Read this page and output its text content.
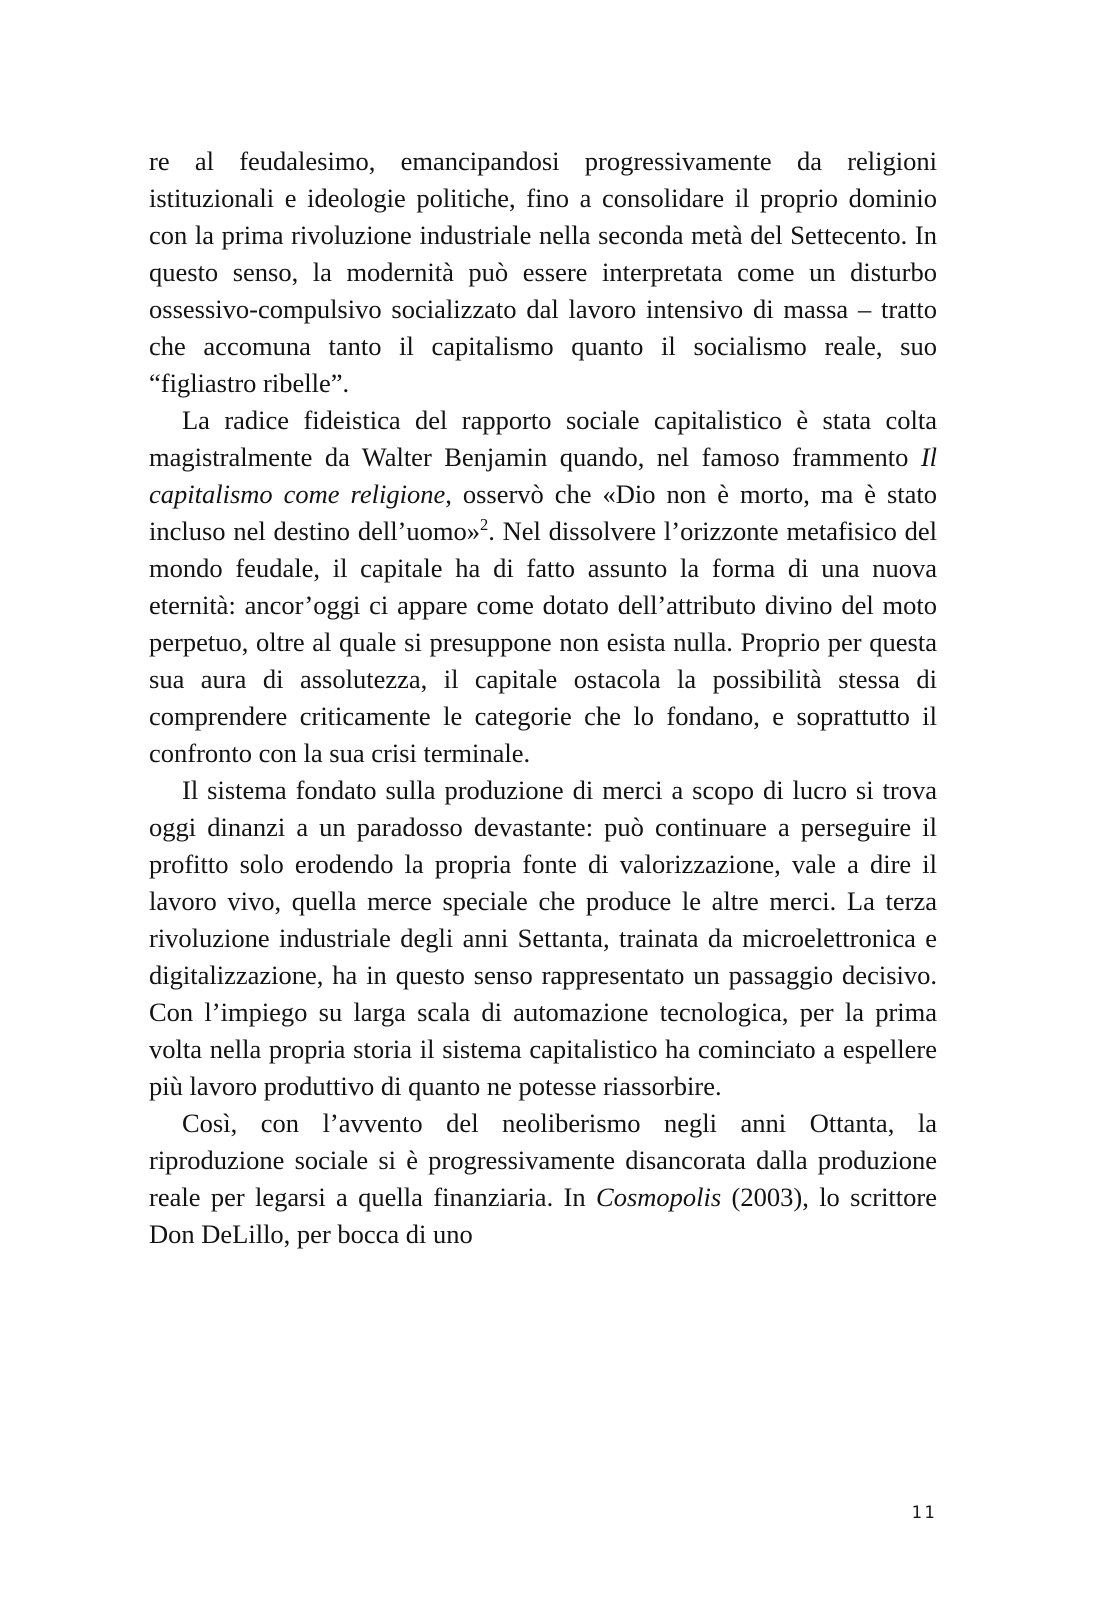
re al feudalesimo, emancipandosi progressivamente da religioni istituzionali e ideologie politiche, fino a consolidare il proprio dominio con la prima rivoluzione industriale nella seconda metà del Settecento. In questo senso, la modernità può essere interpretata come un disturbo ossessivo-compulsivo socializzato dal lavoro intensivo di massa – tratto che accomuna tanto il capitalismo quanto il socialismo reale, suo “figliastro ribelle”.

La radice fideistica del rapporto sociale capitalistico è stata colta magistralmente da Walter Benjamin quando, nel famoso frammento Il capitalismo come religione, osservò che «Dio non è morto, ma è stato incluso nel destino dell’uomo»$^2$. Nel dissolvere l’orizzonte metafisico del mondo feudale, il capitale ha di fatto assunto la forma di una nuova eternità: ancor’oggi ci appare come dotato dell’attributo divino del moto perpetuo, oltre al quale si presuppone non esista nulla. Proprio per questa sua aura di assolutezza, il capitale ostacola la possibilità stessa di comprendere criticamente le categorie che lo fondano, e soprattutto il confronto con la sua crisi terminale.

Il sistema fondato sulla produzione di merci a scopo di lucro si trova oggi dinanzi a un paradosso devastante: può continuare a perseguire il profitto solo erodendo la propria fonte di valorizzazione, vale a dire il lavoro vivo, quella merce speciale che produce le altre merci. La terza rivoluzione industriale degli anni Settanta, trainata da microelettronica e digitalizzazione, ha in questo senso rappresentato un passaggio decisivo. Con l’impiego su larga scala di automazione tecnologica, per la prima volta nella propria storia il sistema capitalistico ha cominciato a espellere più lavoro produttivo di quanto ne potesse riassorbire.

Così, con l’avvento del neoliberismo negli anni Ottanta, la riproduzione sociale si è progressivamente disancorata dalla produzione reale per legarsi a quella finanziaria. In Cosmopolis (2003), lo scrittore Don DeLillo, per bocca di uno

11
